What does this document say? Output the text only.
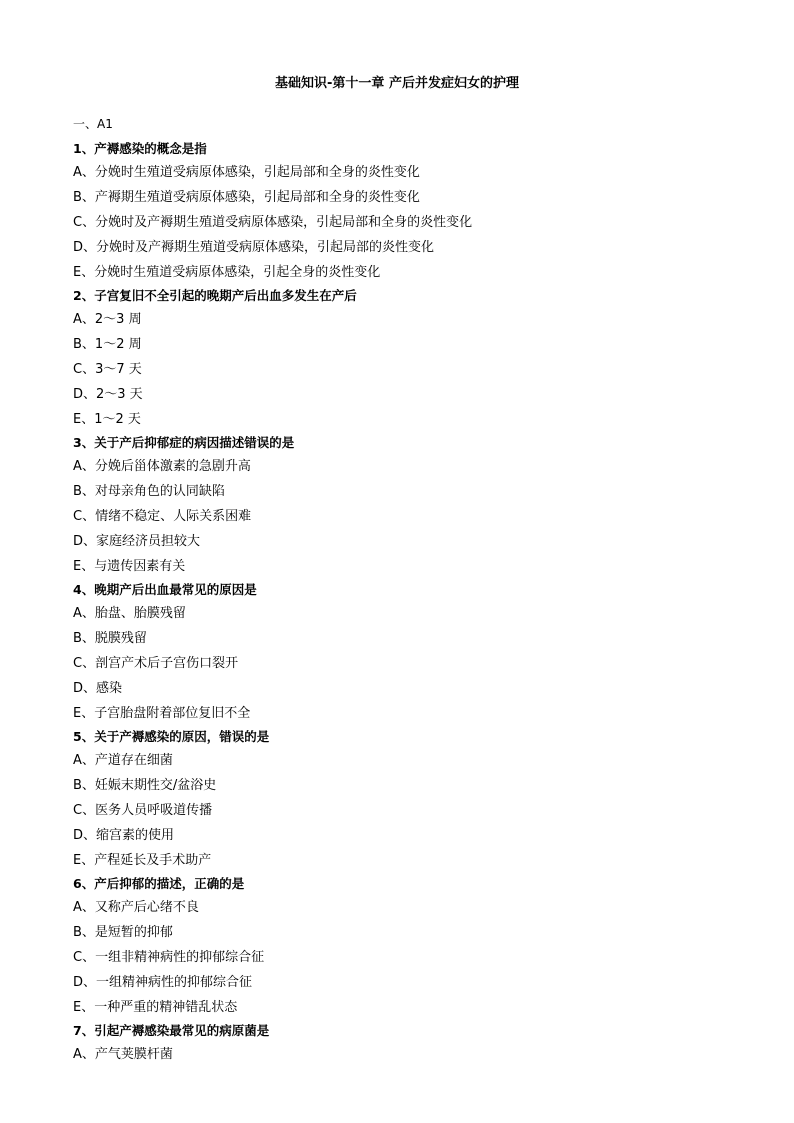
基础知识-第十一章 产后并发症妇女的护理
一、A1
1、产褥感染的概念是指
A、分娩时生殖道受病原体感染，引起局部和全身的炎性变化
B、产褥期生殖道受病原体感染，引起局部和全身的炎性变化
C、分娩时及产褥期生殖道受病原体感染，引起局部和全身的炎性变化
D、分娩时及产褥期生殖道受病原体感染，引起局部的炎性变化
E、分娩时生殖道受病原体感染，引起全身的炎性变化
2、子宫复旧不全引起的晚期产后出血多发生在产后
A、2～3 周
B、1～2 周
C、3～7 天
D、2～3 天
E、1～2 天
3、关于产后抑郁症的病因描述错误的是
A、分娩后甾体激素的急剧升高
B、对母亲角色的认同缺陷
C、情绪不稳定、人际关系困难
D、家庭经济员担较大
E、与遗传因素有关
4、晚期产后出血最常见的原因是
A、胎盘、胎膜残留
B、脱膜残留
C、剖宫产术后子宫伤口裂开
D、感染
E、子宫胎盘附着部位复旧不全
5、关于产褥感染的原因，错误的是
A、产道存在细菌
B、妊娠末期性交/盆浴史
C、医务人员呼吸道传播
D、缩宫素的使用
E、产程延长及手术助产
6、产后抑郁的描述，正确的是
A、又称产后心绪不良
B、是短暂的抑郁
C、一组非精神病性的抑郁综合征
D、一组精神病性的抑郁综合征
E、一种严重的精神错乱状态
7、引起产褥感染最常见的病原菌是
A、产气荚膜杆菌
